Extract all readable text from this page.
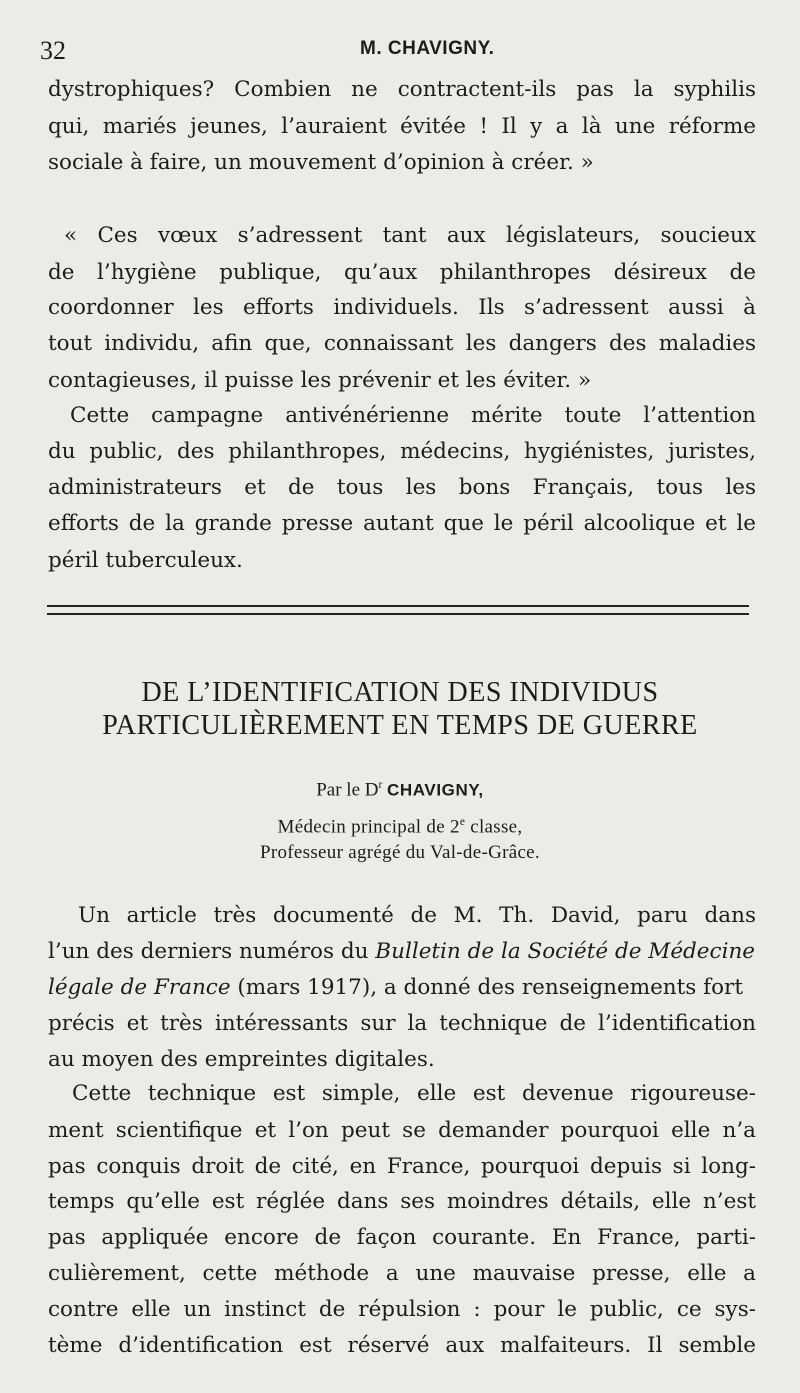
32	M. CHAVIGNY.
dystrophiques? Combien ne contractent-ils pas la syphilis
qui, mariés jeunes, l’auraient évitée ! Il y a là une réforme
sociale à faire, un mouvement d’opinion à créer. »
« Ces vœux s’adressent tant aux législateurs, soucieux
de l’hygiène publique, qu’aux philanthropes désireux de
coordonner les efforts individuels. Ils s’adressent aussi à
tout individu, afin que, connaissant les dangers des maladies
contagieuses, il puisse les prévenir et les éviter. »
Cette campagne antivénérienne mérite toute l’attention
du public, des philanthropes, médecins, hygiénistes, juristes,
administrateurs et de tous les bons Français, tous les
efforts de la grande presse autant que le péril alcoolique et le
péril tuberculeux.
DE L’IDENTIFICATION DES INDIVIDUS
PARTICULIÈREMENT EN TEMPS DE GUERRE
Par le $D^r$ CHAVIGNY,
Médecin principal de 2e classe,
Professeur agrégé du Val-de-Grâce.
Un article très documenté de M. Th. David, paru dans
l’un des derniers numéros du Bulletin de la Société de Médecine
légale de France (mars 1917), a donné des renseignements fort
précis et très intéressants sur la technique de l’identification
au moyen des empreintes digitales.
Cette technique est simple, elle est devenue rigoureuse-
ment scientifique et l’on peut se demander pourquoi elle n’a
pas conquis droit de cité, en France, pourquoi depuis si long-
temps qu’elle est réglée dans ses moindres détails, elle n’est
pas appliquée encore de façon courante. En France, parti-
culièrement, cette méthode a une mauvaise presse, elle a
contre elle un instinct de répulsion : pour le public, ce sys-
tème d’identification est réservé aux malfaiteurs. Il semble
